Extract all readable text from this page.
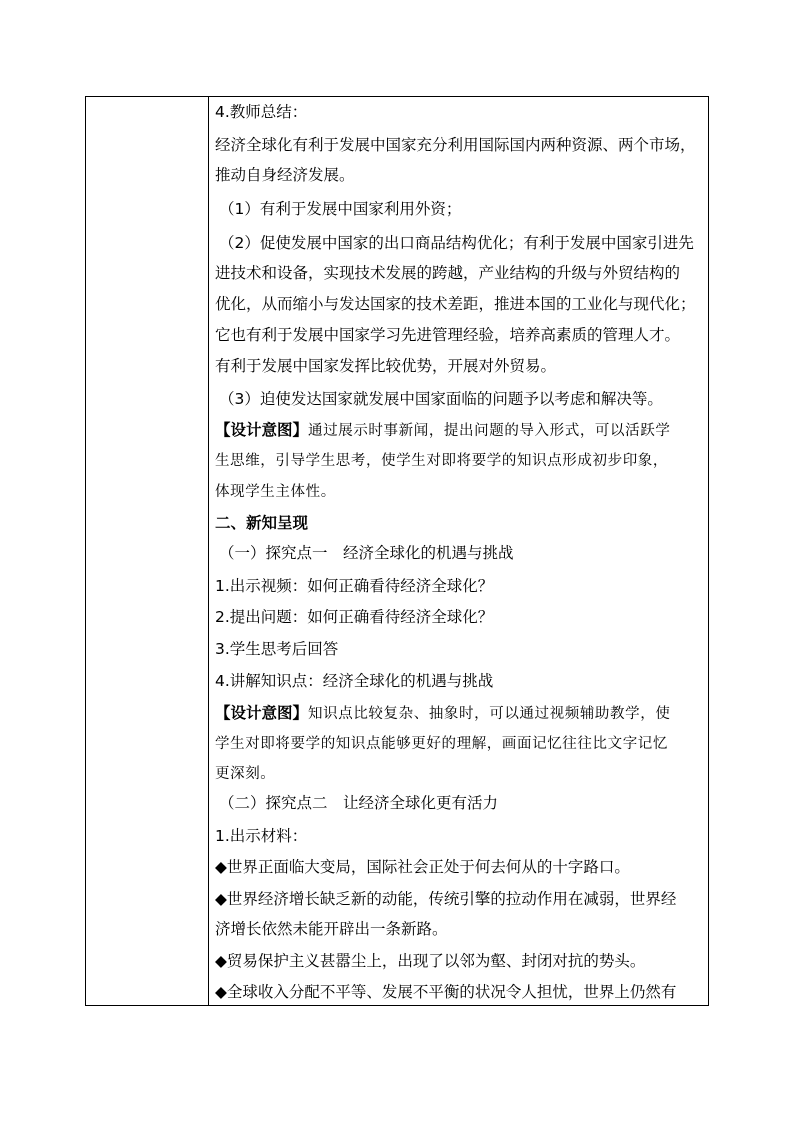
4.教师总结：
经济全球化有利于发展中国家充分利用国际国内两种资源、两个市场，
推动自身经济发展。
（1）有利于发展中国家利用外资；
（2）促使发展中国家的出口商品结构优化；有利于发展中国家引进先
进技术和设备，实现技术发展的跨越，产业结构的升级与外贸结构的
优化，从而缩小与发达国家的技术差距，推进本国的工业化与现代化；
它也有利于发展中国家学习先进管理经验，培养高素质的管理人才。
有利于发展中国家发挥比较优势，开展对外贸易。
（3）迫使发达国家就发展中国家面临的问题予以考虑和解决等。
【设计意图】通过展示时事新闻，提出问题的导入形式，可以活跃学
生思维，引导学生思考，使学生对即将要学的知识点形成初步印象，
体现学生主体性。
二、新知呈现
（一）探究点一　经济全球化的机遇与挑战
1.出示视频：如何正确看待经济全球化？
2.提出问题：如何正确看待经济全球化？
3.学生思考后回答
4.讲解知识点：经济全球化的机遇与挑战
【设计意图】知识点比较复杂、抽象时，可以通过视频辅助教学，使
学生对即将要学的知识点能够更好的理解，画面记忆往往比文字记忆
更深刻。
（二）探究点二　让经济全球化更有活力
1.出示材料：
◆世界正面临大变局，国际社会正处于何去何从的十字路口。
◆世界经济增长缺乏新的动能，传统引擎的拉动作用在减弱，世界经
济增长依然未能开辟出一条新路。
◆贸易保护主义甚嚣尘上，出现了以邻为壑、封闭对抗的势头。
◆全球收入分配不平等、发展不平衡的状况令人担忧，世界上仍然有
